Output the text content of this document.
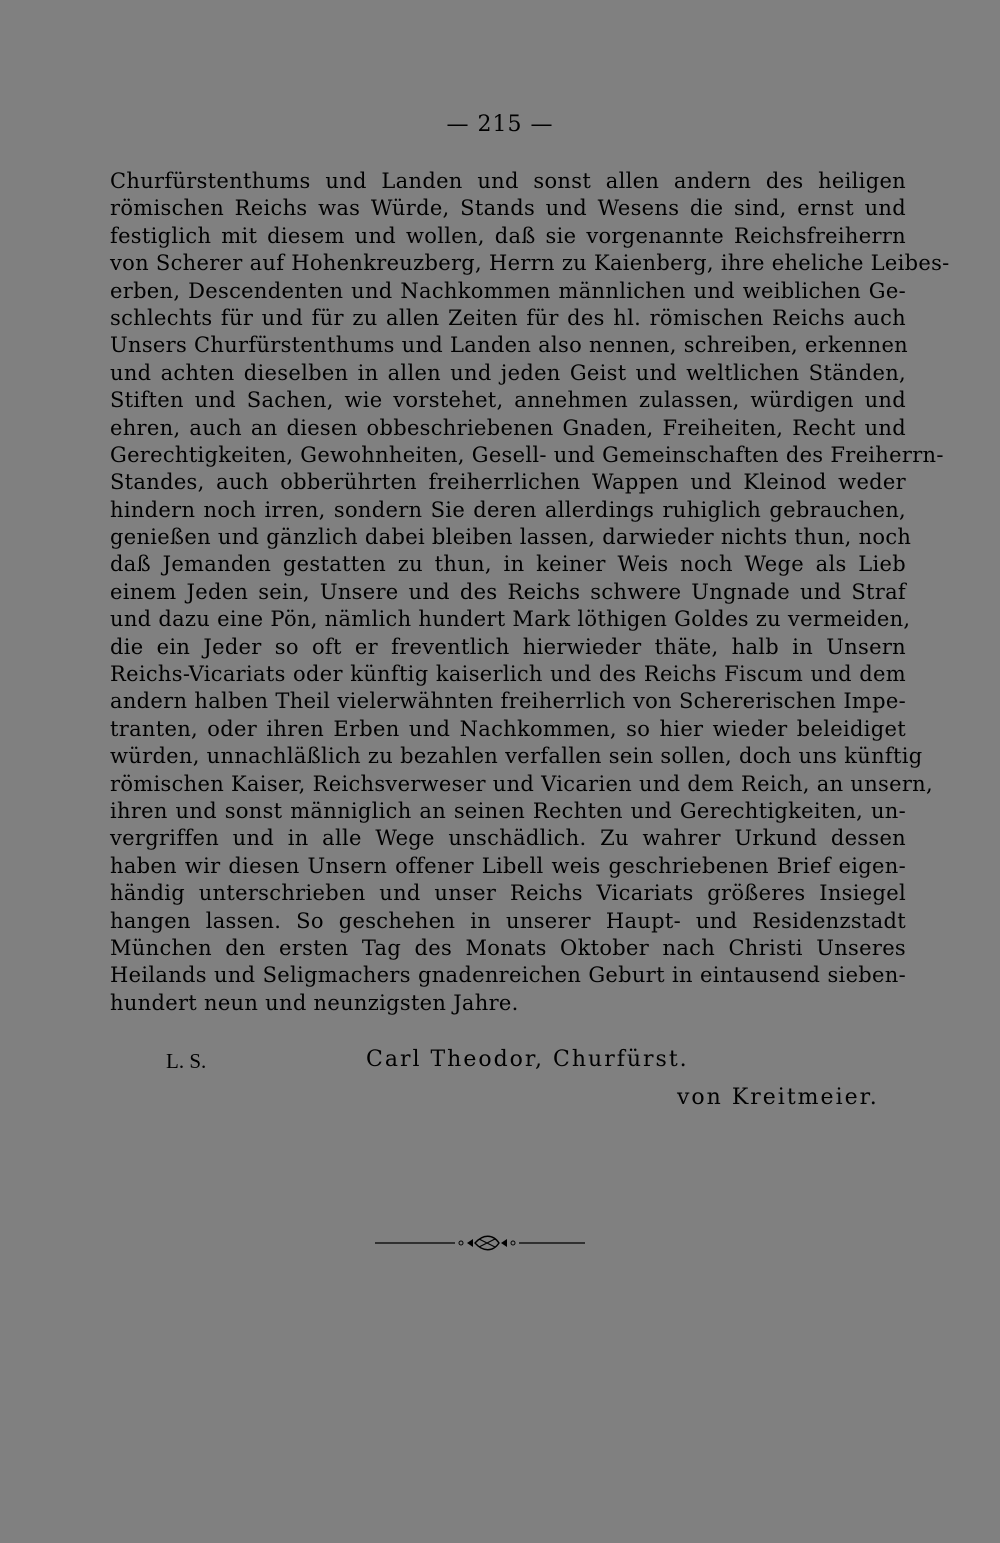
— 215 —
Churfürstenthums und Landen und sonst allen andern des heiligen
römischen Reichs was Würde, Stands und Wesens die sind, ernst und
festiglich mit diesem und wollen, daß sie vorgenannte Reichsfreiherrn
von Scherer auf Hohenkreuzberg, Herrn zu Kaienberg, ihre eheliche Leibes-
erben, Descendenten und Nachkommen männlichen und weiblichen Ge-
schlechts für und für zu allen Zeiten für des hl. römischen Reichs auch
Unsers Churfürstenthums und Landen also nennen, schreiben, erkennen
und achten dieselben in allen und jeden Geist und weltlichen Ständen,
Stiften und Sachen, wie vorstehet, annehmen zulassen, würdigen und
ehren, auch an diesen obbeschriebenen Gnaden, Freiheiten, Recht und
Gerechtigkeiten, Gewohnheiten, Gesell- und Gemeinschaften des Freiherrn-
Standes, auch obberührten freiherrlichen Wappen und Kleinod weder
hindern noch irren, sondern Sie deren allerdings ruhiglich gebrauchen,
genießen und gänzlich dabei bleiben lassen, darwieder nichts thun, noch
daß Jemanden gestatten zu thun, in keiner Weis noch Wege als Lieb
einem Jeden sein, Unsere und des Reichs schwere Ungnade und Straf
und dazu eine Pön, nämlich hundert Mark löthigen Goldes zu vermeiden,
die ein Jeder so oft er freventlich hierwieder thäte, halb in Unsern
Reichs-Vicariats oder künftig kaiserlich und des Reichs Fiscum und dem
andern halben Theil vielerwähnten freiherrlich von Schererischen Impe-
tranten, oder ihren Erben und Nachkommen, so hier wieder beleidiget
würden, unnachläßlich zu bezahlen verfallen sein sollen, doch uns künftig
römischen Kaiser, Reichsverweser und Vicarien und dem Reich, an unsern,
ihren und sonst männiglich an seinen Rechten und Gerechtigkeiten, un-
vergriffen und in alle Wege unschädlich. Zu wahrer Urkund dessen
haben wir diesen Unsern offener Libell weis geschriebenen Brief eigen-
händig unterschrieben und unser Reichs Vicariats größeres Insiegel
hangen lassen. So geschehen in unserer Haupt- und Residenzstadt
München den ersten Tag des Monats Oktober nach Christi Unseres
Heilands und Seligmachers gnadenreichen Geburt in eintausend sieben-
hundert neun und neunzigsten Jahre.
L. S.	Carl Theodor, Churfürst.
von Kreitmeier.
